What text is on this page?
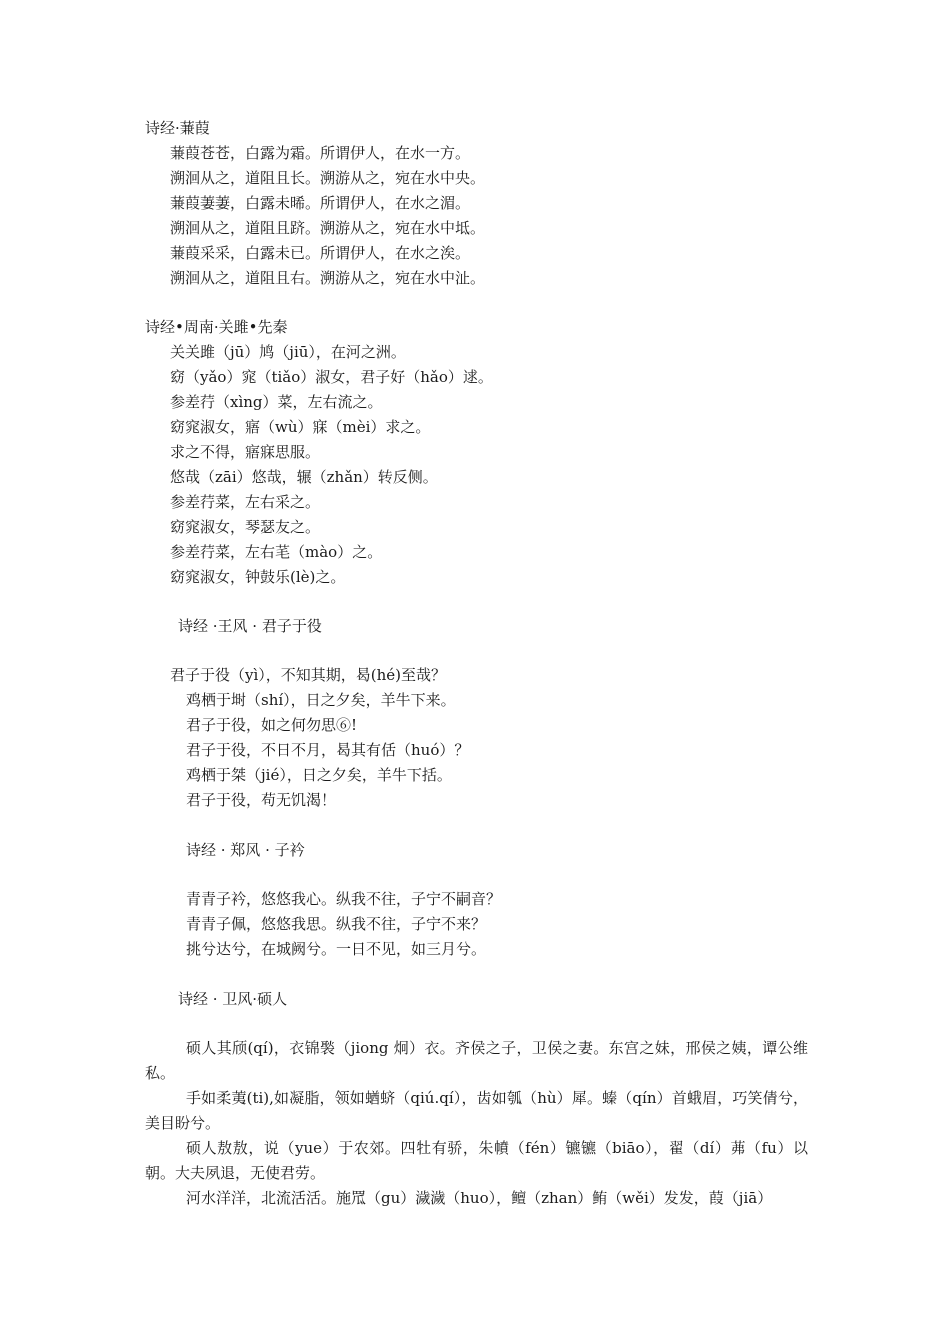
诗经·蒹葭
蒹葭苍苍，白露为霜。所谓伊人，在水一方。
溯洄从之，道阻且长。溯游从之，宛在水中央。
蒹葭萋萋，白露未晞。所谓伊人，在水之湄。
溯洄从之，道阻且跻。溯游从之，宛在水中坻。
蒹葭采采，白露未已。所谓伊人，在水之涘。
溯洄从之，道阻且右。溯游从之，宛在水中沚。
诗经•周南·关雎•先秦
关关雎（jū）鸠（jiū），在河之洲。
窈（yǎo）窕（tiǎo）淑女，君子好（hǎo）逑。
参差荇（xìng）菜，左右流之。
窈窕淑女，寤（wù）寐（mèi）求之。
求之不得，寤寐思服。
悠哉（zāi）悠哉，辗（zhǎn）转反侧。
参差荇菜，左右采之。
窈窕淑女，琴瑟友之。
参差荇菜，左右芼（mào）之。
窈窕淑女，钟鼓乐(lè)之。
诗经 ·王风 · 君子于役
君子于役（yì），不知其期，曷(hé)至哉？
鸡栖于埘（shí），日之夕矣，羊牛下来。
君子于役，如之何勿思⑥!
君子于役，不日不月，曷其有佸（huó）？
鸡栖于桀（jié），日之夕矣，羊牛下括。
君子于役，苟无饥渴！
诗经 · 郑风 · 子衿
青青子衿，悠悠我心。纵我不往，子宁不嗣音？
青青子佩，悠悠我思。纵我不往，子宁不来？
挑兮达兮，在城阙兮。一日不见，如三月兮。
诗经 · 卫风·硕人
硕人其颀(qí)，衣锦褧（jiong 炯）衣。齐侯之子，卫侯之妻。东宫之妹，邢侯之姨，谭公维私。
手如柔荑(ti),如凝脂，领如蝤蛴（qiú.qí），齿如瓠（hù）犀。螓（qín）首蛾眉，巧笑倩兮，美目盼兮。
硕人敖敖，说（yue）于农郊。四牡有骄，朱幩（fén）镳镳（biāo），翟（dí）茀（fu）以朝。大夫夙退，无使君劳。
河水洋洋，北流活活。施罛（gu）濊濊（huo），鳣（zhan）鲔（wěi）发发，葭（jiā）
